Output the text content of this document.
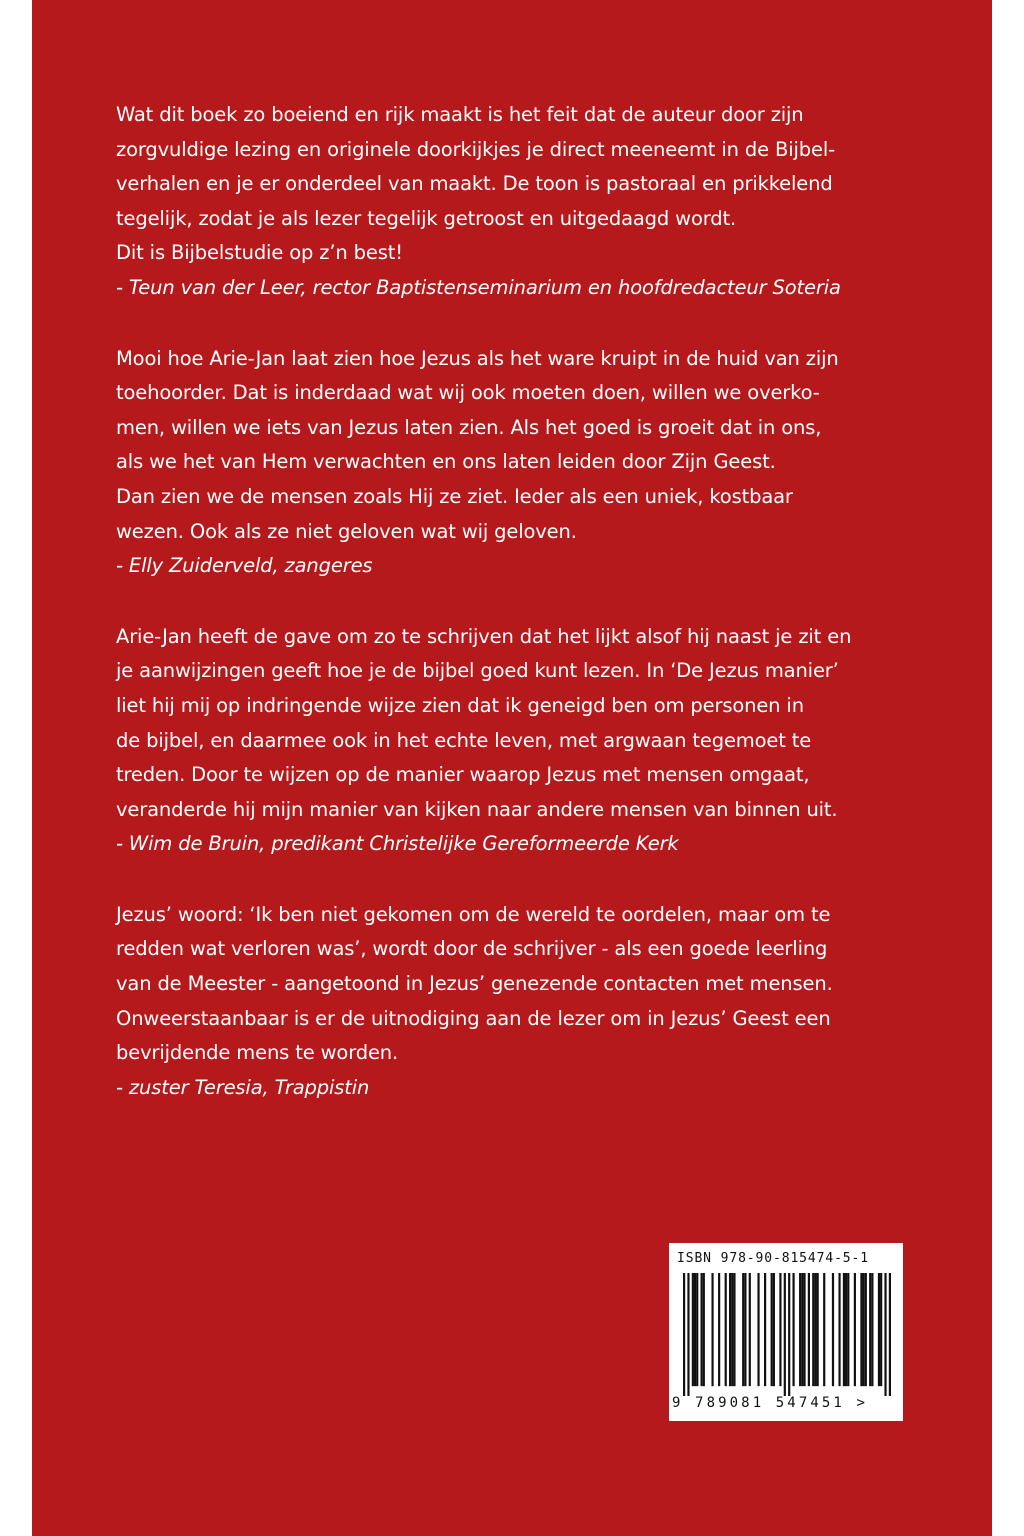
Wat dit boek zo boeiend en rijk maakt is het feit dat de auteur door zijn
zorgvuldige lezing en originele doorkijkjes je direct meeneemt in de Bijbel-
verhalen en je er onderdeel van maakt. De toon is pastoraal en prikkelend
tegelijk, zodat je als lezer tegelijk getroost en uitgedaagd wordt.
Dit is Bijbelstudie op z’n best!
- Teun van der Leer, rector Baptistenseminarium en hoofdredacteur Soteria
Mooi hoe Arie-Jan laat zien hoe Jezus als het ware kruipt in de huid van zijn
toehoorder. Dat is inderdaad wat wij ook moeten doen, willen we overko-
men, willen we iets van Jezus laten zien. Als het goed is groeit dat in ons,
als we het van Hem verwachten en ons laten leiden door Zijn Geest.
Dan zien we de mensen zoals Hij ze ziet. Ieder als een uniek, kostbaar
wezen. Ook als ze niet geloven wat wij geloven.
- Elly Zuiderveld, zangeres
Arie-Jan heeft de gave om zo te schrijven dat het lijkt alsof hij naast je zit en
je aanwijzingen geeft hoe je de bijbel goed kunt lezen. In ‘De Jezus manier’
liet hij mij op indringende wijze zien dat ik geneigd ben om personen in
de bijbel, en daarmee ook in het echte leven, met argwaan tegemoet te
treden. Door te wijzen op de manier waarop Jezus met mensen omgaat,
veranderde hij mijn manier van kijken naar andere mensen van binnen uit.
- Wim de Bruin, predikant Christelijke Gereformeerde Kerk
Jezus’ woord: ‘Ik ben niet gekomen om de wereld te oordelen, maar om te
redden wat verloren was’, wordt door de schrijver - als een goede leerling
van de Meester - aangetoond in Jezus’ genezende contacten met mensen.
Onweerstaanbaar is er de uitnodiging aan de lezer om in Jezus’ Geest een
bevrijdende mens te worden.
- zuster Teresia, Trappistin
ISBN 978-90-815474-5-1
9 789081 547451 >
